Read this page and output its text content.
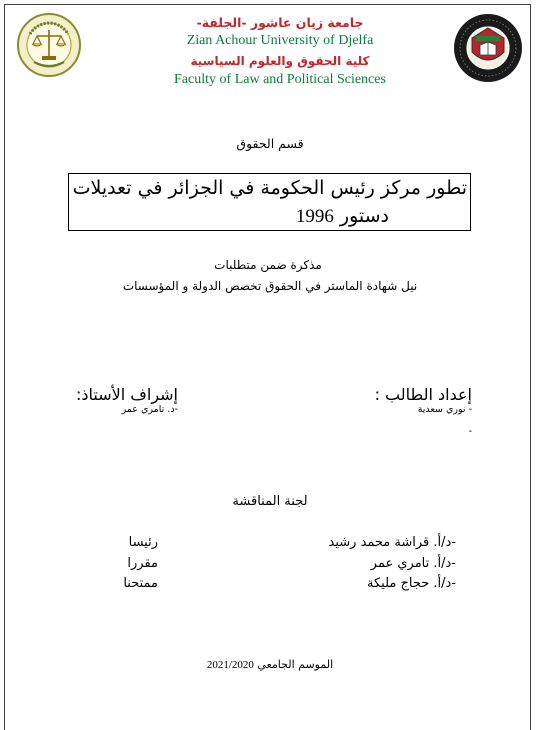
جامعة زيان عاشور -الجلفة-
Zian Achour University of Djelfa
كلية الحقوق والعلوم السياسية
Faculty of Law and Political Sciences
قسم الحقوق
تطور مركز رئيس الحكومة في الجزائر في تعديلات
دستور 1996
مذكرة ضمن متطلبات
نيل شهادة الماستر في الحقوق تخصص الدولة و المؤسسات
إعداد الطالب :
- نوري سعدية
-
إشراف الأستاذ:
-د. تامري عمر
لجنة المناقشة
-د/أ. قراشة محمد رشيد
رئيسا
-د/أ. تامري عمر
مقررا
-د/أ. حجاج مليكة
ممتحنا
الموسم الجامعي 2021/2020
